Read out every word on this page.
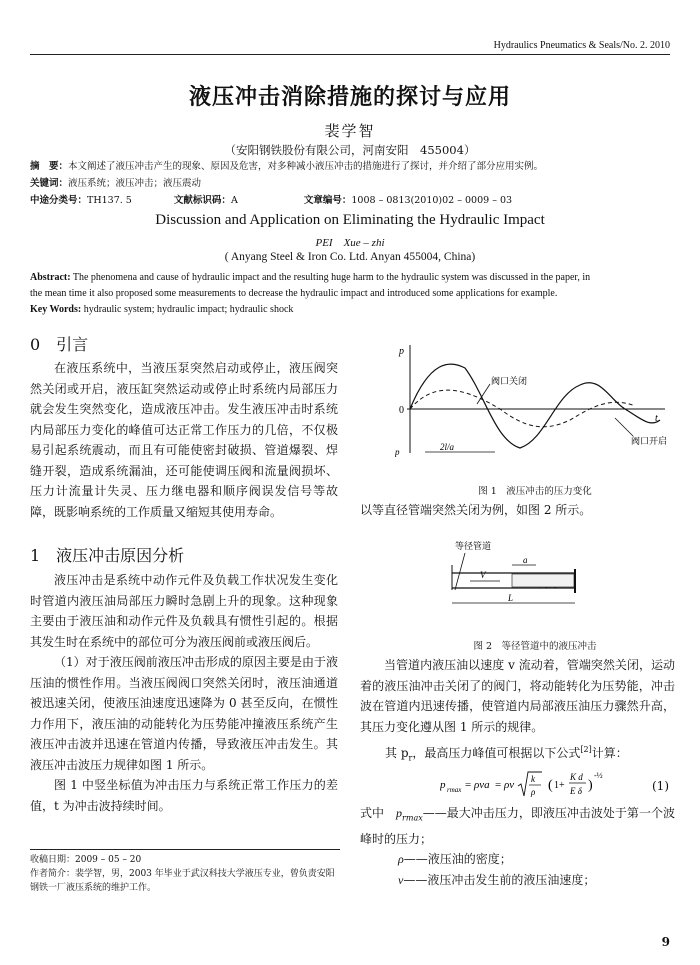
Hydraulics Pneumatics & Seals/No. 2. 2010
液压冲击消除措施的探讨与应用
裴学智
（安阳钢铁股份有限公司，河南安阳　455004）
摘　要：本文阐述了液压冲击产生的现象、原因及危害，对多种减小液压冲击的措施进行了探讨，并介绍了部分应用实例。
关键词：液压系统；液压冲击；液压震动
中途分类号：TH137. 5	文献标识码：A	文章编号：1008 – 0813(2010)02 – 0009 – 03
Discussion and Application on Eliminating the Hydraulic Impact
PEI　Xue – zhi
( Anyang Steel & Iron Co. Ltd. Anyan 455004, China)
Abstract: The phenomena and cause of hydraulic impact and the resulting huge harm to the hydraulic system was discussed in the paper, in
the mean time it also proposed some measurements to decrease the hydraulic impact and introduced some applications for example.
Key Words: hydraulic system; hydraulic impact; hydraulic shock
0　引言

在液压系统中，当液压泵突然启动或停止，液压阀突然关闭或开启，液压缸突然运动或停止时系统内局部压力就会发生突然变化，造成液压冲击。发生液压冲击时系统内局部压力变化的峰值可达正常工作压力的几倍，不仅极易引起系统震动，而且有可能使密封破损、管道爆裂、焊缝开裂，造成系统漏油，还可能使调压阀和流量阀损坏、压力计流量计失灵、压力继电器和顺序阀误发信号等故障，既影响系统的工作质量又缩短其使用寿命。

1　液压冲击原因分析

液压冲击是系统中动作元件及负载工作状况发生变化时管道内液压油局部压力瞬时急剧上升的现象。这种现象主要由于液压油和动作元件及负载具有惯性引起的。根据其发生时在系统中的部位可分为液压阀前或液压阀后。

（1）对于液压阀前液压冲击形成的原因主要是由于液压油的惯性作用。当液压阀阀口突然关闭时，液压油通道被迅速关闭，使液压油速度迅速降为 0 甚至反向，在惯性力作用下，液压油的动能转化为压势能冲撞液压系统产生液压冲击波并迅速在管道内传播，导致液压冲击发生。其液压冲击波压力规律如图 1 所示。

图 1 中竖坐标值为冲击压力与系统正常工作压力的差值，t 为冲击波持续时间。

收稿日期：2009 – 05 – 20
作者简介：裴学智，男，2003 年毕业于武汉科技大学液压专业，曾负责安阳钢铁一厂液压系统的维护工作。
p
0
t
阀口关闭
阀口开启
p	2l/a
图 1　液压冲击的压力变化
以等直径管端突然关闭为例，如图 2 所示。
等径管道
a
V
L
图 2　等径管道中的液压冲击

当管道内液压油以速度 v 流动着，管端突然关闭，运动着的液压油冲击关闭了的阀门，将动能转化为压势能，冲击波在管道内迅速传播，使管道内局部液压油压力骤然升高，其压力变化遵从图 1 所示的规律。

其 $p_r$，最高压力峰值可根据以下公式[2]计算：
p rmax = ρva = ρv k
ρ ( 1+
K d
E δ )
-½
(1)
式中　 $p_{rmax}——$最大冲击压力，即液压冲击波处于第一个波峰时的压力；
ρ——液压油的密度；
v——液压冲击发生前的液压油速度；
9
